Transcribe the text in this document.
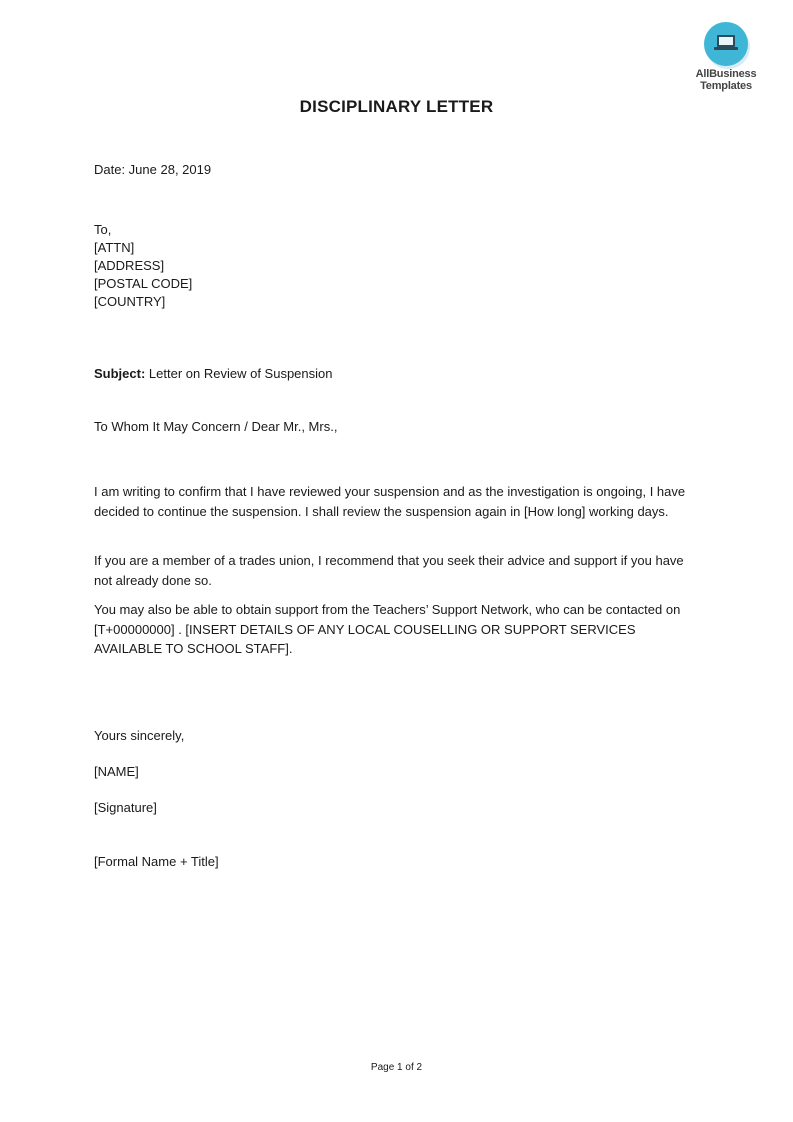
AllBusiness
Templates
DISCIPLINARY LETTER
Date: June 28, 2019
To,
[ATTN]
[ADDRESS]
[POSTAL CODE]
[COUNTRY]
Subject: Letter on Review of Suspension
To Whom It May Concern / Dear Mr., Mrs.,
I am writing to confirm that I have reviewed your suspension and as the investigation is ongoing, I have decided to continue the suspension. I shall review the suspension again in [How long] working days.
If you are a member of a trades union, I recommend that you seek their advice and support if you have not already done so.
You may also be able to obtain support from the Teachers’ Support Network, who can be contacted on [T+00000000] . [INSERT DETAILS OF ANY LOCAL COUSELLING OR SUPPORT SERVICES AVAILABLE TO SCHOOL STAFF].
Yours sincerely,
[NAME]
[Signature]
[Formal Name + Title]
Page 1 of 2
